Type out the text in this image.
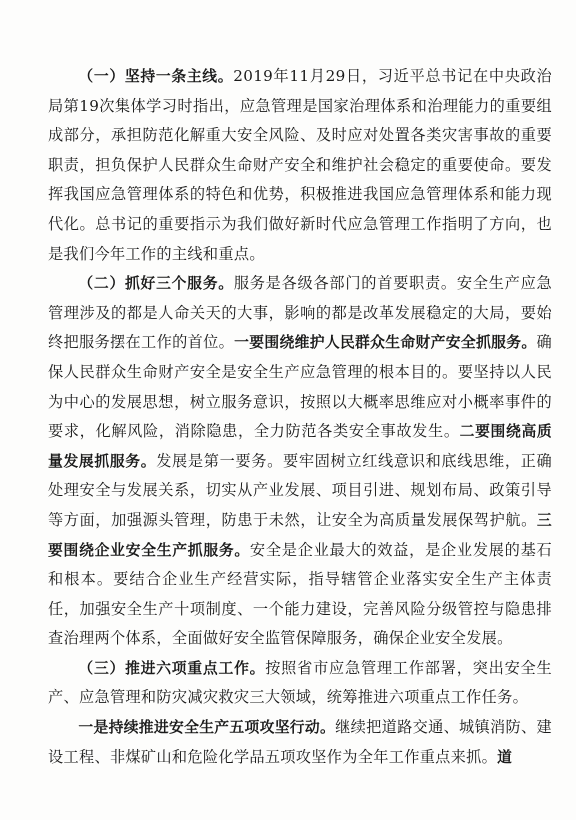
（一）坚持一条主线。2019年11月29日，习近平总书记在中央政治局第19次集体学习时指出，应急管理是国家治理体系和治理能力的重要组成部分，承担防范化解重大安全风险、及时应对处置各类灾害事故的重要职责，担负保护人民群众生命财产安全和维护社会稳定的重要使命。要发挥我国应急管理体系的特色和优势，积极推进我国应急管理体系和能力现代化。总书记的重要指示为我们做好新时代应急管理工作指明了方向，也是我们今年工作的主线和重点。

（二）抓好三个服务。服务是各级各部门的首要职责。安全生产应急管理涉及的都是人命关天的大事，影响的都是改革发展稳定的大局，要始终把服务摆在工作的首位。一要围绕维护人民群众生命财产安全抓服务。确保人民群众生命财产安全是安全生产应急管理的根本目的。要坚持以人民为中心的发展思想，树立服务意识，按照以大概率思维应对小概率事件的要求，化解风险，消除隐患，全力防范各类安全事故发生。二要围绕高质量发展抓服务。发展是第一要务。要牢固树立红线意识和底线思维，正确处理安全与发展关系，切实从产业发展、项目引进、规划布局、政策引导等方面，加强源头管理，防患于未然，让安全为高质量发展保驾护航。三要围绕企业安全生产抓服务。安全是企业最大的效益，是企业发展的基石和根本。要结合企业生产经营实际，指导辖管企业落实安全生产主体责任，加强安全生产十项制度、一个能力建设，完善风险分级管控与隐患排查治理两个体系，全面做好安全监管保障服务，确保企业安全发展。

（三）推进六项重点工作。按照省市应急管理工作部署，突出安全生产、应急管理和防灾减灾救灾三大领域，统筹推进六项重点工作任务。

一是持续推进安全生产五项攻坚行动。继续把道路交通、城镇消防、建设工程、非煤矿山和危险化学品五项攻坚作为全年工作重点来抓。道
